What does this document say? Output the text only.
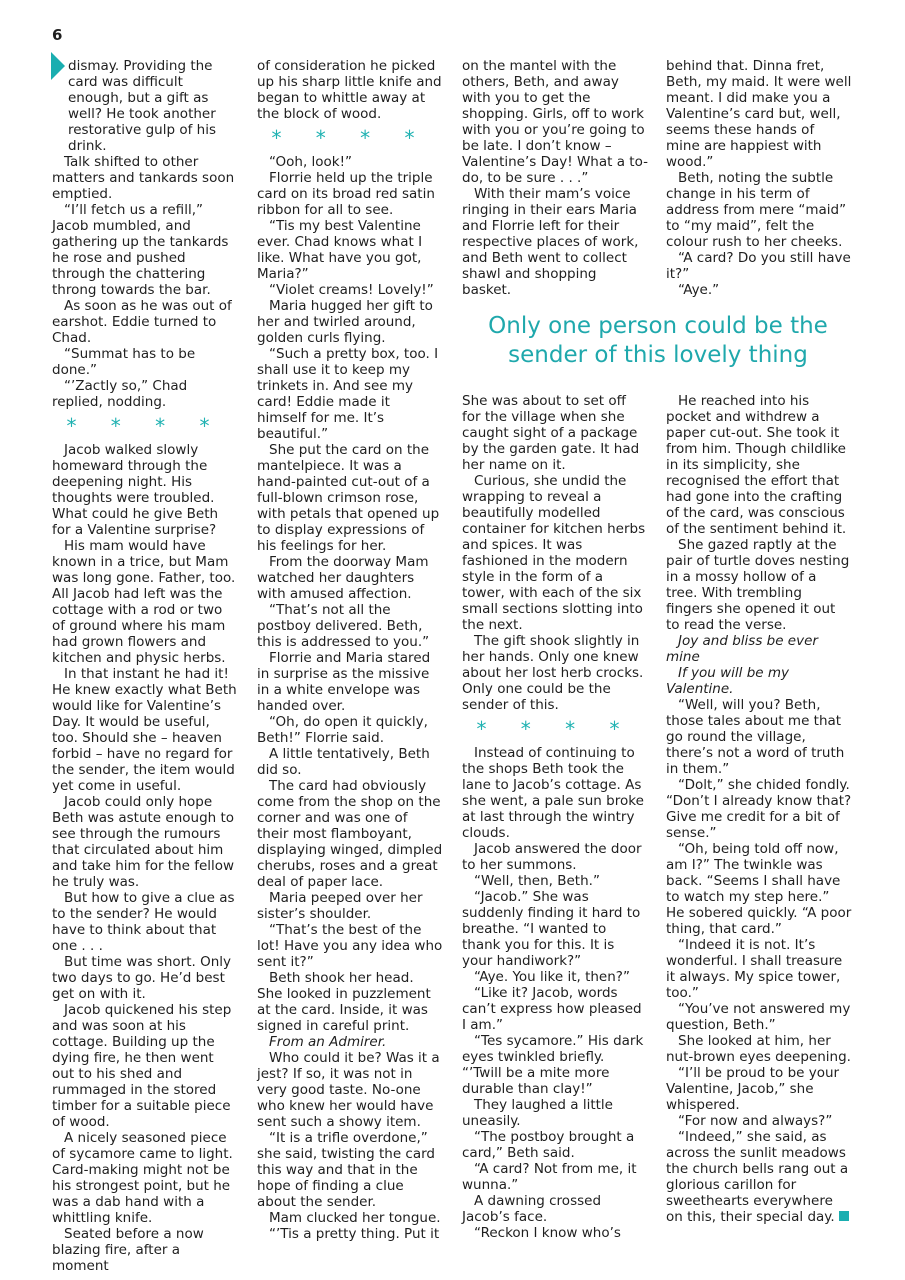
6

dismay. Providing the card was difficult enough, but a gift as well? He took another restorative gulp of his drink.

Talk shifted to other matters and tankards soon emptied.

“I’ll fetch us a refill,” Jacob mumbled, and gathering up the tankards he rose and pushed through the chattering throng towards the bar.

As soon as he was out of earshot. Eddie turned to Chad.

“Summat has to be done.”

“’Zactly so,” Chad replied, nodding.

* * * *

Jacob walked slowly homeward through the deepening night. His thoughts were troubled. What could he give Beth for a Valentine surprise?

His mam would have known in a trice, but Mam was long gone. Father, too. All Jacob had left was the cottage with a rod or two of ground where his mam had grown flowers and kitchen and physic herbs.

In that instant he had it! He knew exactly what Beth would like for Valentine’s Day. It would be useful, too. Should she – heaven forbid – have no regard for the sender, the item would yet come in useful.

Jacob could only hope Beth was astute enough to see through the rumours that circulated about him and take him for the fellow he truly was.

But how to give a clue as to the sender? He would have to think about that one . . .

But time was short. Only two days to go. He’d best get on with it.

Jacob quickened his step and was soon at his cottage. Building up the dying fire, he then went out to his shed and rummaged in the stored timber for a suitable piece of wood.

A nicely seasoned piece of sycamore came to light. Card-making might not be his strongest point, but he was a dab hand with a whittling knife.

Seated before a now blazing fire, after a moment

of consideration he picked up his sharp little knife and began to whittle away at the block of wood.

* * * *

“Ooh, look!”

Florrie held up the triple card on its broad red satin ribbon for all to see.

“Tis my best Valentine ever. Chad knows what I like. What have you got, Maria?”

“Violet creams! Lovely!”

Maria hugged her gift to her and twirled around, golden curls flying.

“Such a pretty box, too. I shall use it to keep my trinkets in. And see my card! Eddie made it himself for me. It’s beautiful.”

She put the card on the mantelpiece. It was a hand-painted cut-out of a full-blown crimson rose, with petals that opened up to display expressions of his feelings for her.

From the doorway Mam watched her daughters with amused affection.

“That’s not all the postboy delivered. Beth, this is addressed to you.”

Florrie and Maria stared in surprise as the missive in a white envelope was handed over.

“Oh, do open it quickly, Beth!” Florrie said.

A little tentatively, Beth did so.

The card had obviously come from the shop on the corner and was one of their most flamboyant, displaying winged, dimpled cherubs, roses and a great deal of paper lace.

Maria peeped over her sister’s shoulder.

“That’s the best of the lot! Have you any idea who sent it?”

Beth shook her head. She looked in puzzlement at the card. Inside, it was signed in careful print.

From an Admirer.

Who could it be? Was it a jest? If so, it was not in very good taste. No-one who knew her would have sent such a showy item.

“It is a trifle overdone,” she said, twisting the card this way and that in the hope of finding a clue about the sender.

Mam clucked her tongue.

“’Tis a pretty thing. Put it

on the mantel with the others, Beth, and away with you to get the shopping. Girls, off to work with you or you’re going to be late. I don’t know – Valentine’s Day! What a to-do, to be sure . . .”

With their mam’s voice ringing in their ears Maria and Florrie left for their respective places of work, and Beth went to collect shawl and shopping basket.

behind that. Dinna fret, Beth, my maid. It were well meant. I did make you a Valentine’s card but, well, seems these hands of mine are happiest with wood.”

Beth, noting the subtle change in his term of address from mere “maid” to “my maid”, felt the colour rush to her cheeks.

“A card? Do you still have it?”

“Aye.”

Only one person could be the sender of this lovely thing

She was about to set off for the village when she caught sight of a package by the garden gate. It had her name on it.

Curious, she undid the wrapping to reveal a beautifully modelled container for kitchen herbs and spices. It was fashioned in the modern style in the form of a tower, with each of the six small sections slotting into the next.

The gift shook slightly in her hands. Only one knew about her lost herb crocks. Only one could be the sender of this.

* * * *

Instead of continuing to the shops Beth took the lane to Jacob’s cottage. As she went, a pale sun broke at last through the wintry clouds.

Jacob answered the door to her summons.

“Well, then, Beth.”

“Jacob.” She was suddenly finding it hard to breathe. “I wanted to thank you for this. It is your handiwork?”

“Aye. You like it, then?”

“Like it? Jacob, words can’t express how pleased I am.”

“Tes sycamore.” His dark eyes twinkled briefly. “’Twill be a mite more durable than clay!”

They laughed a little uneasily.

“The postboy brought a card,” Beth said.

“A card? Not from me, it wunna.”

A dawning crossed Jacob’s face.

“Reckon I know who’s

He reached into his pocket and withdrew a paper cut-out. She took it from him. Though childlike in its simplicity, she recognised the effort that had gone into the crafting of the card, was conscious of the sentiment behind it.

She gazed raptly at the pair of turtle doves nesting in a mossy hollow of a tree. With trembling fingers she opened it out to read the verse.

Joy and bliss be ever mine

If you will be my Valentine.

“Well, will you? Beth, those tales about me that go round the village, there’s not a word of truth in them.”

“Dolt,” she chided fondly. “Don’t I already know that? Give me credit for a bit of sense.”

“Oh, being told off now, am I?” The twinkle was back. “Seems I shall have to watch my step here.” He sobered quickly. “A poor thing, that card.”

“Indeed it is not. It’s wonderful. I shall treasure it always. My spice tower, too.”

“You’ve not answered my question, Beth.”

She looked at him, her nut-brown eyes deepening.

“I’ll be proud to be your Valentine, Jacob,” she whispered.

“For now and always?”

“Indeed,” she said, as across the sunlit meadows the church bells rang out a glorious carillon for sweethearts everywhere on this, their special day.
